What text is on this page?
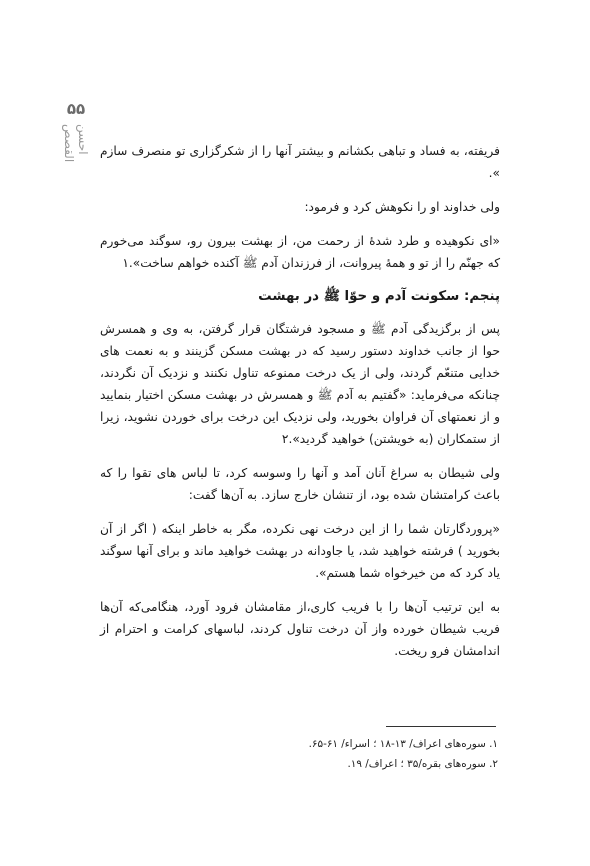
۵۵
احسن القصص	فریفته، به فساد و تباهی بکشانم و بیشتر آنها را از شکرگزاری تو منصرف سازم ».

ولی خداوند او را نکوهش کرد و فرمود:

«ای نکوهیده و طرد شدهٔ از رحمت من، از بهشت بیرون رو، سوگند می‌خورم که جهنّم را از تو و همهٔ پیروانت، از فرزندان آدم ﷺ آکنده خواهم ساخت».۱

پنجم: سکونت آدم و حوّا ﷺ در بهشت

پس از برگزیدگی آدم ﷺ و مسجود فرشتگان قرار گرفتن، به وی و همسرش حوا از جانب خداوند دستور رسید که در بهشت مسکن گزینند و به نعمت های خدایی متنعّم گردند، ولی از یک درخت ممنوعه تناول نکنند و نزدیک آن نگردند، چنانکه می‌فرماید: «گفتیم به آدم ﷺ و همسرش در بهشت مسکن اختیار بنمایید و از نعمتهای آن فراوان بخورید، ولی نزدیک این درخت برای خوردن نشوید، زیرا از ستمکاران (به خویشتن) خواهید گردید».۲

ولی شیطان به سراغ آنان آمد و آنها را وسوسه کرد، تا لباس های تقوا را که باعث کرامتشان شده بود، از تنشان خارج سازد. به آن‌ها گفت:

«پروردگارتان شما را از این درخت نهی نکرده، مگر به خاطر اینکه ( اگر از آن بخورید ) فرشته خواهید شد، یا جاودانه در بهشت خواهید ماند و برای آنها سوگند یاد کرد که من خیرخواه شما هستم».

به این ترتیب آن‌ها را با فریب کاری،از مقامشان فرود آورد، هنگامی‌که آن‌ها فریب شیطان خورده واز آن درخت تناول کردند، لباسهای کرامت و احترام از اندامشان فرو ریخت.

۱. سوره‌های اعراف/ ۱۳-۱۸ ؛ اسراء/ ۶۱-۶۵.
۲. سوره‌های بقره/۳۵ ؛ اعراف/ ۱۹.
